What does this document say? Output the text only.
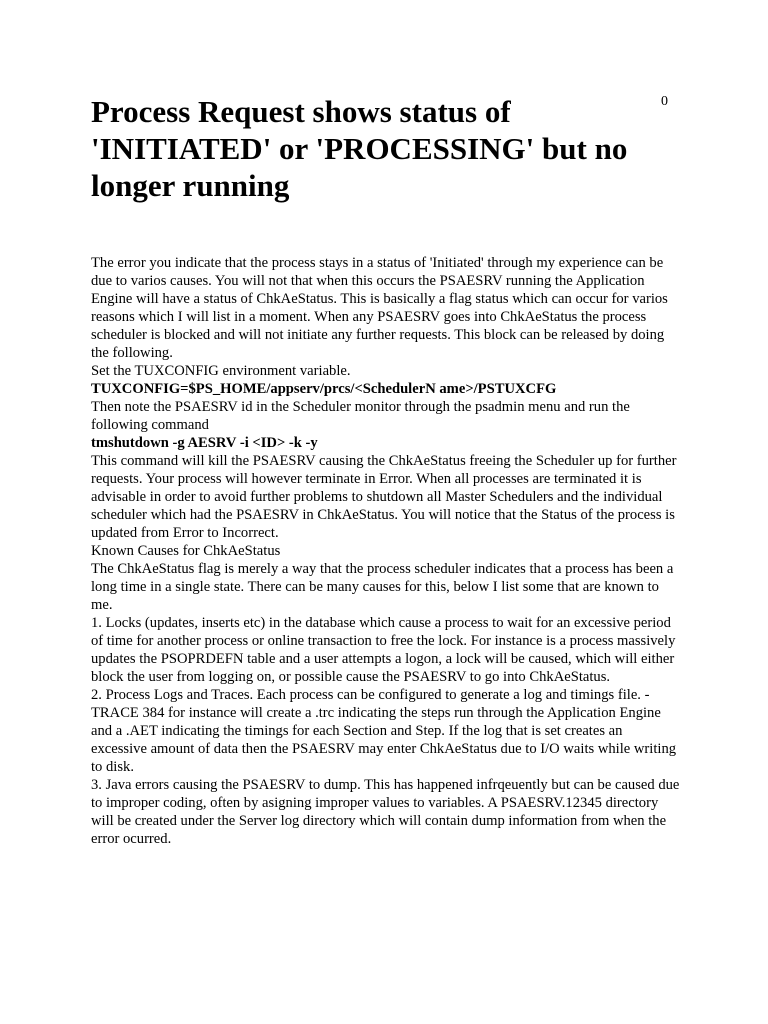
0
Process Request shows status of 'INITIATED' or 'PROCESSING' but no longer running

The error you indicate that the process stays in a status of 'Initiated' through my experience can be due to varios causes. You will not that when this occurs the PSAESRV running the Application Engine will have a status of ChkAeStatus. This is basically a flag status which can occur for varios reasons which I will list in a moment. When any PSAESRV goes into ChkAeStatus the process scheduler is blocked and will not initiate any further requests. This block can be released by doing the following.

Set the TUXCONFIG environment variable.

TUXCONFIG=$PS_HOME/appserv/prcs/<SchedulerN ame>/PSTUXCFG

Then note the PSAESRV id in the Scheduler monitor through the psadmin menu and run the following command

tmshutdown -g AESRV -i <ID> -k -y

This command will kill the PSAESRV causing the ChkAeStatus freeing the Scheduler up for further requests. Your process will however terminate in Error. When all processes are terminated it is advisable in order to avoid further problems to shutdown all Master Schedulers and the individual scheduler which had the PSAESRV in ChkAeStatus. You will notice that the Status of the process is updated from Error to Incorrect.

Known Causes for ChkAeStatus

The ChkAeStatus flag is merely a way that the process scheduler indicates that a process has been a long time in a single state. There can be many causes for this, below I list some that are known to me.

1. Locks (updates, inserts etc) in the database which cause a process to wait for an excessive period of time for another process or online transaction to free the lock. For instance is a process massively updates the PSOPRDEFN table and a user attempts a logon, a lock will be caused, which will either block the user from logging on, or possible cause the PSAESRV to go into ChkAeStatus.

2. Process Logs and Traces. Each process can be configured to generate a log and timings file. -TRACE 384 for instance will create a .trc indicating the steps run through the Application Engine and a .AET indicating the timings for each Section and Step. If the log that is set creates an excessive amount of data then the PSAESRV may enter ChkAeStatus due to I/O waits while writing to disk.

3. Java errors causing the PSAESRV to dump. This has happened infrqeuently but can be caused due to improper coding, often by asigning improper values to variables. A PSAESRV.12345 directory will be created under the Server log directory which will contain dump information from when the error ocurred.
